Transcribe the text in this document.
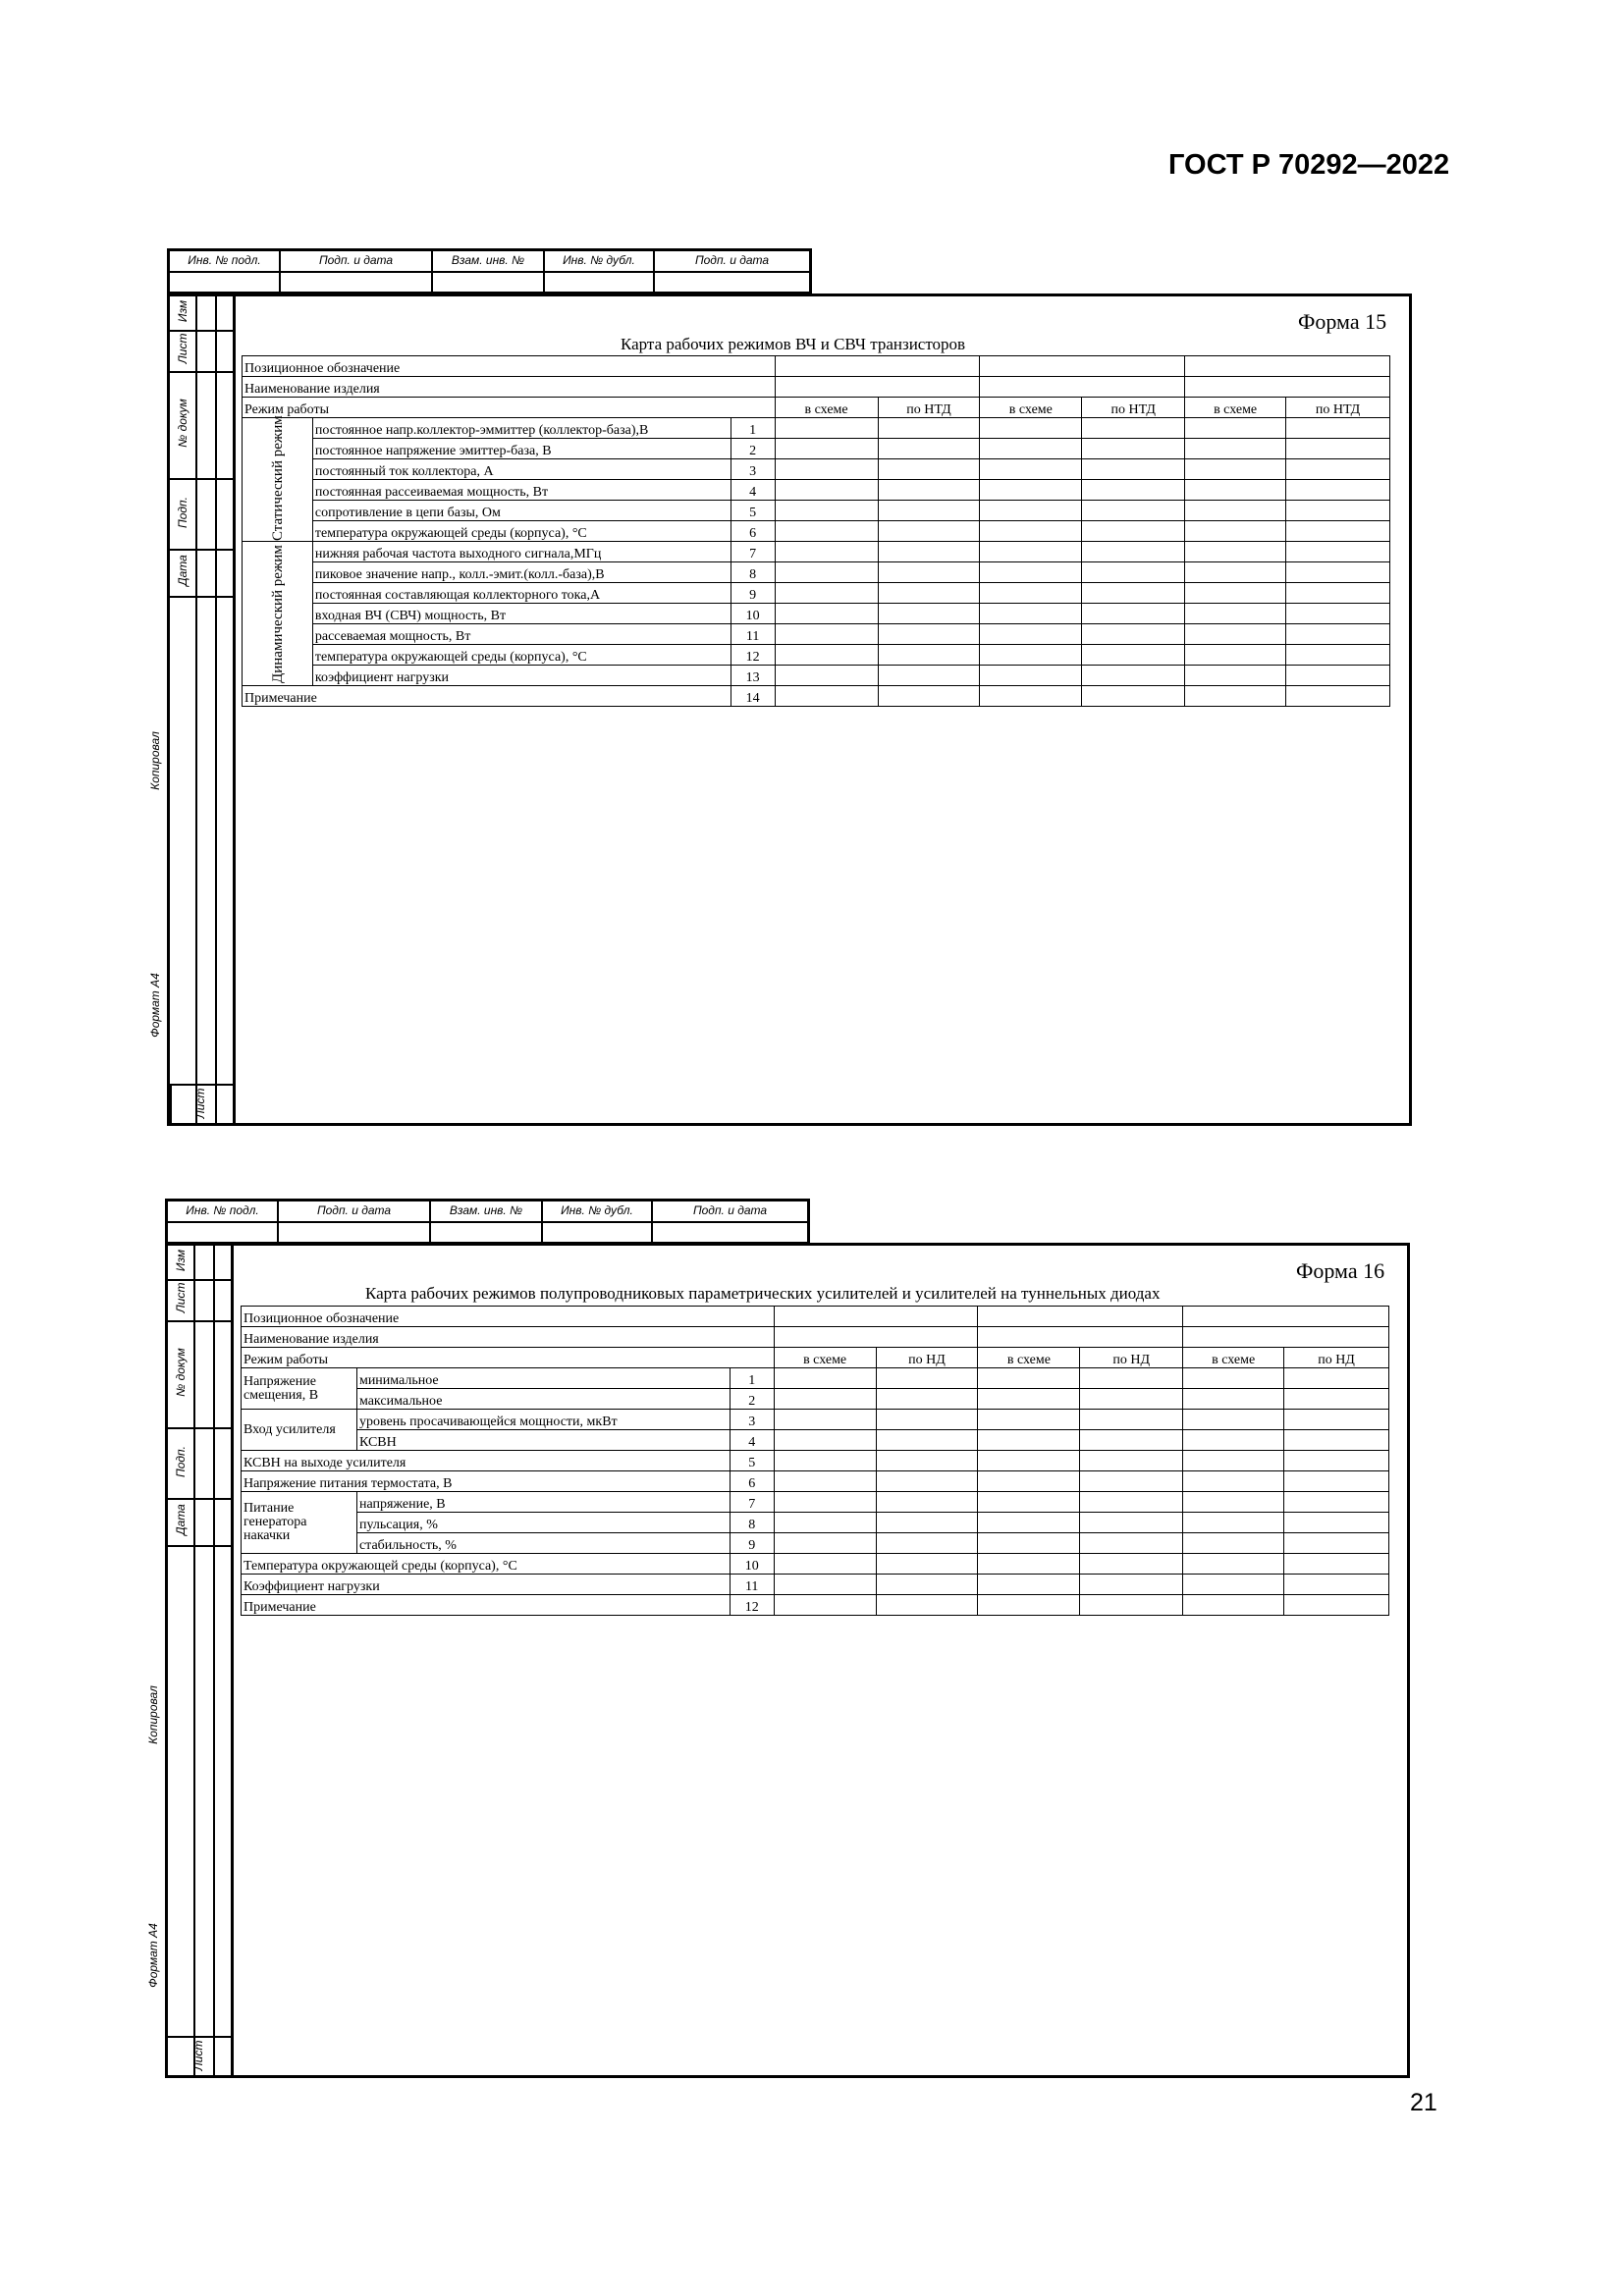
ГОСТ Р 70292—2022
Инв. № подл.	Подп. и дата	Взам. инв. №	Инв. № дубл.	Подп. и дата
Изм
Лист
№ докум
Подп.
Дата
Лист
Копировал
Формат А4
Форма 15
Карта рабочих режимов ВЧ и СВЧ транзисторов
Позиционное обозначение								
Наименование изделия								
Режим работы			в схеме	по НТД	в схеме	по НТД	в схеме	по НТД
Статический режим	постоянное напр.коллектор-эммиттер (коллектор-база),В	1						
	постоянное напряжение эмиттер-база, В	2						
	постоянный ток коллектора, А	3						
	постоянная рассеиваемая мощность, Вт	4						
	сопротивление в цепи базы, Ом	5						
	температура окружающей среды (корпуса), °С	6						
Динамический режим	нижняя рабочая частота выходного сигнала,МГц	7						
	пиковое значение напр., колл.-эмит.(колл.-база),В	8						
	постоянная составляющая коллекторного тока,А	9						
	входная ВЧ (СВЧ) мощность, Вт	10						
	рассеваемая мощность, Вт	11						
	температура окружающей среды (корпуса), °С	12						
	коэффициент нагрузки	13						
Примечание		14						
Инв. № подл.	Подп. и дата	Взам. инв. №	Инв. № дубл.	Подп. и дата
Изм
Лист
№ докум
Подп.
Дата
Лист
Копировал
Формат А4
Форма 16
Карта рабочих режимов полупроводниковых параметрических усилителей и усилителей на туннельных диодах
Позиционное обозначение								
Наименование изделия								
Режим работы			в схеме	по НД	в схеме	по НД	в схеме	по НД
Напряжение смещения, В	минимальное	1						
	максимальное	2						
Вход усилителя	уровень просачивающейся мощности, мкВт	3						
	КСВН	4						
КСВН на выходе усилителя		5						
Напряжение питания термостата, В		6						
Питание генератора накачки	напряжение, В	7						
	пульсация, %	8						
	стабильность, %	9						
Температура окружающей среды (корпуса), °С		10						
Коэффициент нагрузки		11						
Примечание		12						
21
